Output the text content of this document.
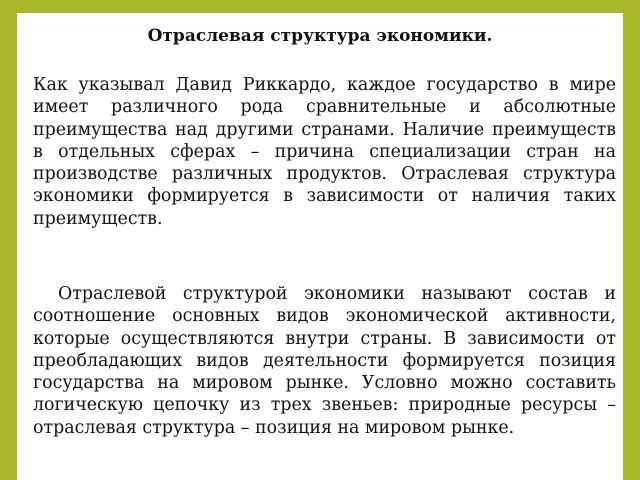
Отраслевая структура экономики.

Как указывал Давид Риккардо, каждое государство в мире имеет различного рода сравнительные и абсолютные преимущества над другими странами. Наличие преимуществ в отдельных сферах – причина специализации стран на производстве различных продуктов. Отраслевая структура экономики формируется в зависимости от наличия таких преимуществ.

Отраслевой структурой экономики называют состав и соотношение основных видов экономической активности, которые осуществляются внутри страны. В зависимости от преобладающих видов деятельности формируется позиция государства на мировом рынке. Условно можно составить логическую цепочку из трех звеньев: природные ресурсы – отраслевая структура – позиция на мировом рынке.
